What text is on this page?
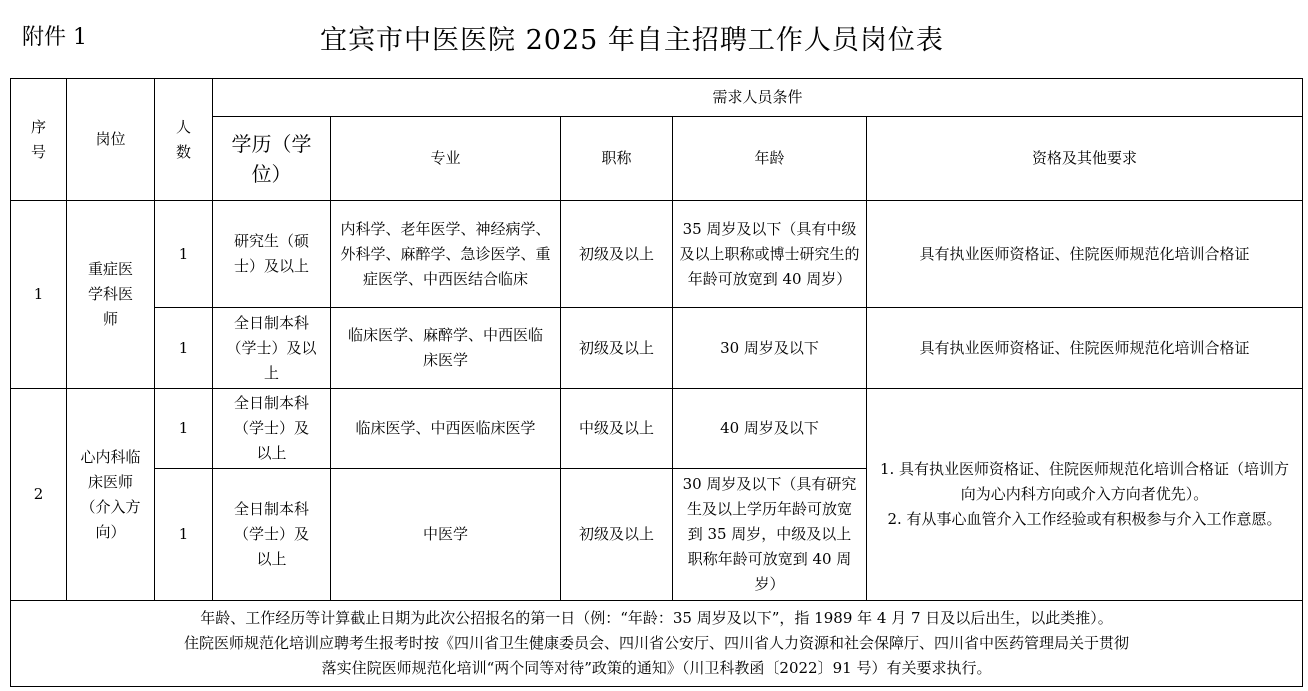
附件 1	宜宾市中医医院 2025 年自主招聘工作人员岗位表
序号	岗位	人数	需求人员条件				
			学历（学位）	专业	职称	年龄	资格及其他要求
1	重症医学科医师	1	研究生（硕士）及以上	内科学、老年医学、神经病学、外科学、麻醉学、急诊医学、重症医学、中西医结合临床	初级及以上	35 周岁及以下（具有中级及以上职称或博士研究生的年龄可放宽到 40 周岁）	具有执业医师资格证、住院医师规范化培训合格证
		1	全日制本科（学士）及以上	临床医学、麻醉学、中西医临床医学	初级及以上	30 周岁及以下	具有执业医师资格证、住院医师规范化培训合格证
2	心内科临床医师（介入方向）	1	全日制本科（学士）及以上	临床医学、中西医临床医学	中级及以上	40 周岁及以下	1. 具有执业医师资格证、住院医师规范化培训合格证（培训方向为心内科方向或介入方向者优先）。
2. 有从事心血管介入工作经验或有积极参与介入工作意愿。

		1	全日制本科（学士）及以上	中医学	初级及以上	30 周岁及以下（具有研究生及以上学历年龄可放宽到 35 周岁，中级及以上职称年龄可放宽到 40 周岁）	

年龄、工作经历等计算截止日期为此次公招报名的第一日（例：“年龄：35 周岁及以下”，指 1989 年 4 月 7 日及以后出生，以此类推）。
住院医师规范化培训应聘考生报考时按《四川省卫生健康委员会、四川省公安厅、四川省人力资源和社会保障厅、四川省中医药管理局关于贯彻
落实住院医师规范化培训“两个同等对待”政策的通知》（川卫科教函〔2022〕91 号）有关要求执行。							
